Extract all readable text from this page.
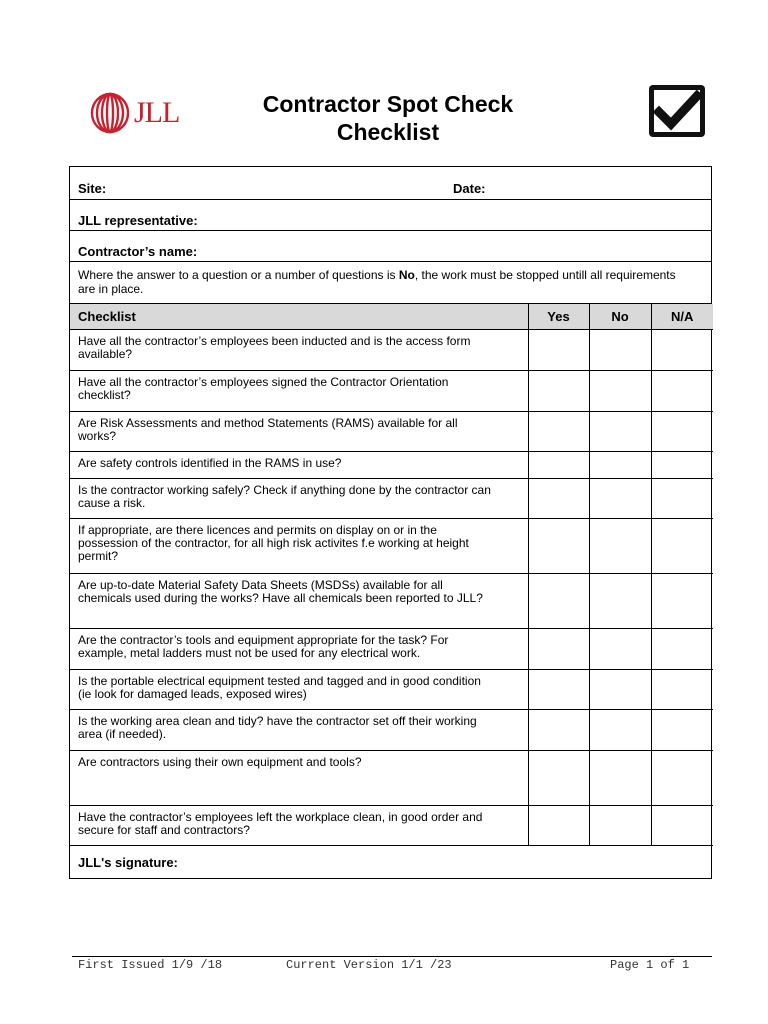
JLL	Contractor Spot Check
Checklist
Site:	Date:
JLL representative:
Contractor’s name:
Where the answer to a question or a number of questions is No, the work must be stopped untill all requirements are in place.
Checklist	Yes	No	N/A
Have all the contractor’s employees been inducted and is the access form available?			
Have all the contractor’s employees signed the Contractor Orientation checklist?			
Are Risk Assessments and method Statements (RAMS) available for all works?			
Are safety controls identified in the RAMS in use?			
Is the contractor working safely? Check if anything done by the contractor can cause a risk.			
If appropriate, are there licences and permits on display on or in the possession of the contractor, for all high risk activites f.e working at height permit?			
Are up-to-date Material Safety Data Sheets (MSDSs) available for all chemicals used during the works? Have all chemicals been reported to JLL?			
Are the contractor’s tools and equipment appropriate for the task? For example, metal ladders must not be used for any electrical work.			
Is the portable electrical equipment tested and tagged and in good condition (ie look for damaged leads, exposed wires)			
Is the working area clean and tidy? have the contractor set off their working area (if needed).			
Are contractors using their own equipment and tools?			
Have the contractor’s employees left the workplace clean, in good order and secure for staff and contractors?			
JLL's signature:
First Issued 1/9 /18	Current Version 1/1 /23	Page 1 of 1
